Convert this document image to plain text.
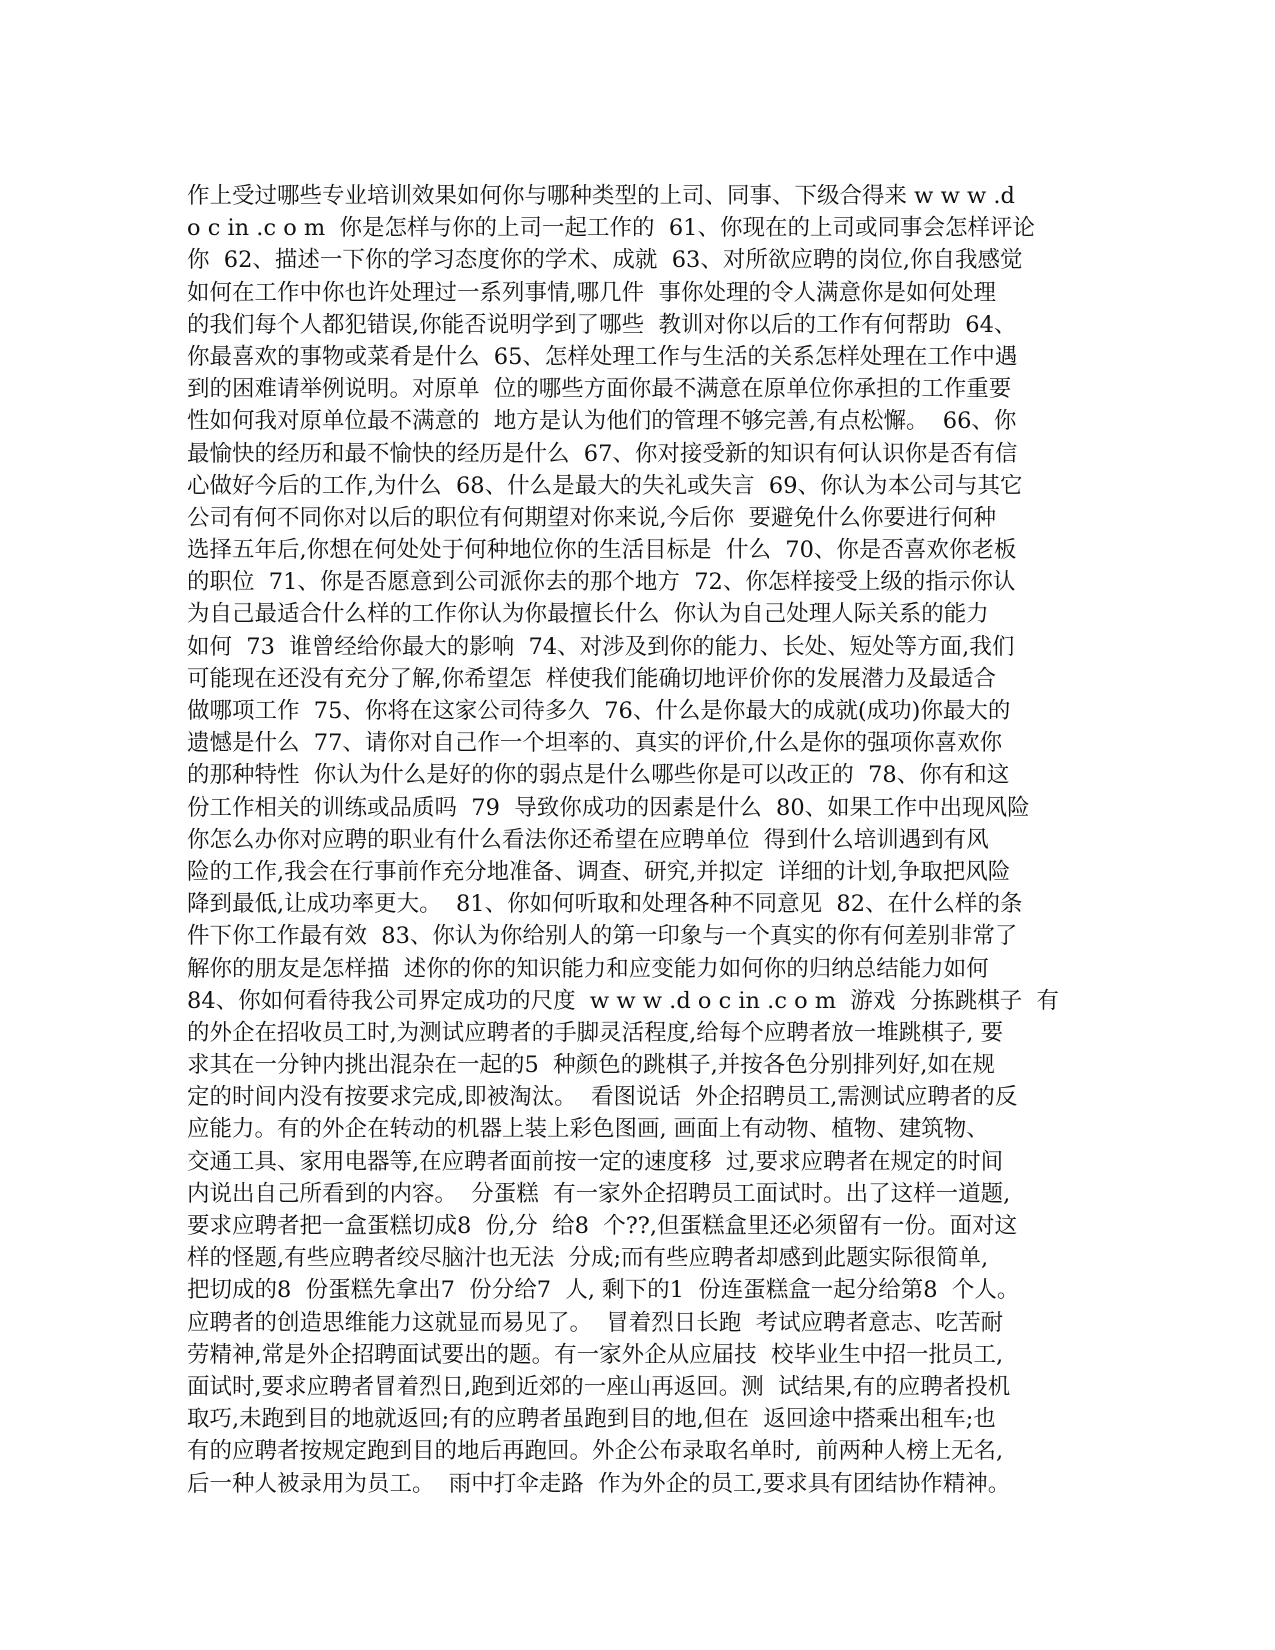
作上受过哪些专业培训效果如何你与哪种类型的上司、同事、下级合得来 w w w .d
o c in .c o m  你是怎样与你的上司一起工作的  61、你现在的上司或同事会怎样评论
你  62、描述一下你的学习态度你的学术、成就  63、对所欲应聘的岗位,你自我感觉
如何在工作中你也许处理过一系列事情,哪几件  事你处理的令人满意你是如何处理
的我们每个人都犯错误,你能否说明学到了哪些  教训对你以后的工作有何帮助  64、
你最喜欢的事物或菜肴是什么  65、怎样处理工作与生活的关系怎样处理在工作中遇
到的困难请举例说明。对原单  位的哪些方面你最不满意在原单位你承担的工作重要
性如何我对原单位最不满意的  地方是认为他们的管理不够完善,有点松懈。  66、你
最愉快的经历和最不愉快的经历是什么  67、你对接受新的知识有何认识你是否有信
心做好今后的工作,为什么  68、什么是最大的失礼或失言  69、你认为本公司与其它
公司有何不同你对以后的职位有何期望对你来说,今后你  要避免什么你要进行何种
选择五年后,你想在何处处于何种地位你的生活目标是  什么  70、你是否喜欢你老板
的职位  71、你是否愿意到公司派你去的那个地方  72、你怎样接受上级的指示你认
为自己最适合什么样的工作你认为你最擅长什么  你认为自己处理人际关系的能力
如何  73  谁曾经给你最大的影响  74、对涉及到你的能力、长处、短处等方面,我们
可能现在还没有充分了解,你希望怎  样使我们能确切地评价你的发展潜力及最适合
做哪项工作  75、你将在这家公司待多久  76、什么是你最大的成就(成功)你最大的
遗憾是什么  77、请你对自己作一个坦率的、真实的评价,什么是你的强项你喜欢你
的那种特性  你认为什么是好的你的弱点是什么哪些你是可以改正的  78、你有和这
份工作相关的训练或品质吗  79  导致你成功的因素是什么  80、如果工作中出现风险
你怎么办你对应聘的职业有什么看法你还希望在应聘单位  得到什么培训遇到有风
险的工作,我会在行事前作充分地准备、调查、研究,并拟定  详细的计划,争取把风险
降到最低,让成功率更大。  81、你如何听取和处理各种不同意见  82、在什么样的条
件下你工作最有效  83、你认为你给别人的第一印象与一个真实的你有何差别非常了
解你的朋友是怎样描  述你的你的知识能力和应变能力如何你的归纳总结能力如何
84、你如何看待我公司界定成功的尺度  w w w .d o c in .c o m  游戏  分拣跳棋子  有
的外企在招收员工时,为测试应聘者的手脚灵活程度,给每个应聘者放一堆跳棋子, 要
求其在一分钟内挑出混杂在一起的5  种颜色的跳棋子,并按各色分别排列好,如在规
定的时间内没有按要求完成,即被淘汰。  看图说话  外企招聘员工,需测试应聘者的反
应能力。有的外企在转动的机器上装上彩色图画, 画面上有动物、植物、建筑物、
交通工具、家用电器等,在应聘者面前按一定的速度移  过,要求应聘者在规定的时间
内说出自己所看到的内容。  分蛋糕  有一家外企招聘员工面试时。出了这样一道题,
要求应聘者把一盒蛋糕切成8  份,分  给8  个??,但蛋糕盒里还必须留有一份。面对这
样的怪题,有些应聘者绞尽脑汁也无法  分成;而有些应聘者却感到此题实际很简单,
把切成的8  份蛋糕先拿出7  份分给7  人, 剩下的1  份连蛋糕盒一起分给第8  个人。
应聘者的创造思维能力这就显而易见了。  冒着烈日长跑  考试应聘者意志、吃苦耐
劳精神,常是外企招聘面试要出的题。有一家外企从应届技  校毕业生中招一批员工,
面试时,要求应聘者冒着烈日,跑到近郊的一座山再返回。测  试结果,有的应聘者投机
取巧,未跑到目的地就返回;有的应聘者虽跑到目的地,但在  返回途中搭乘出租车;也
有的应聘者按规定跑到目的地后再跑回。外企公布录取名单时,  前两种人榜上无名,
后一种人被录用为员工。  雨中打伞走路  作为外企的员工,要求具有团结协作精神。
